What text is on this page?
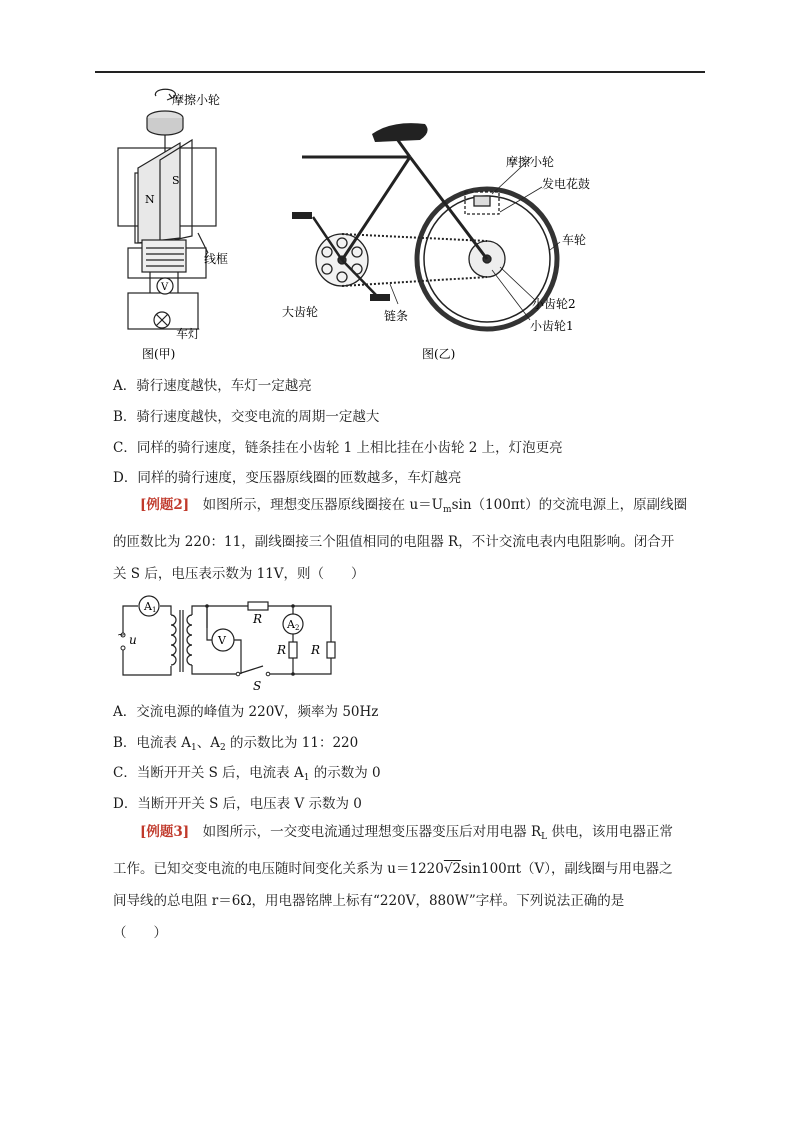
摩擦小轮
N
S
线框
V
车灯
图(甲)
摩擦小轮
发电花鼓
车轮
大齿轮	链条
小齿轮2
小齿轮1
图(乙)
A．骑行速度越快，车灯一定越亮
B．骑行速度越快，交变电流的周期一定越大
C．同样的骑行速度，链条挂在小齿轮 1 上相比挂在小齿轮 2 上，灯泡更亮
D．同样的骑行速度，变压器原线圈的匝数越多，车灯越亮
[例题2]　 如图所示，理想变压器原线圈接在 $u=U_m\sin(100\pi t)$的交流电源上，原副线圈
的匝数比为 220：11，副线圈接三个阻值相同的电阻器 R，不计交流电表内电阻影响。闭合开
关 S 后，电压表示数为 11V，则（　　）
A1
V
A2
R
R R
~ u
S
A．交流电源的峰值为 220V，频率为 50Hz
B．电流表 $A_1$、$A_2$ 的示数比为 11：220
C．当断开开关 S 后，电流表 $A_1$ 的示数为 0
D．当断开开关 S 后，电压表 V 示数为 0
[例题3]　 如图所示，一交变电流通过理想变压器变压后对用电器 $R_L$ 供电，该用电器正常
工作。已知交变电流的电压随时间变化关系为 u＝1220√2sin100πt（V），副线圈与用电器之
间导线的总电阻 r＝6Ω，用电器铭牌上标有“220V，880W”字样。下列说法正确的是
（　　）
